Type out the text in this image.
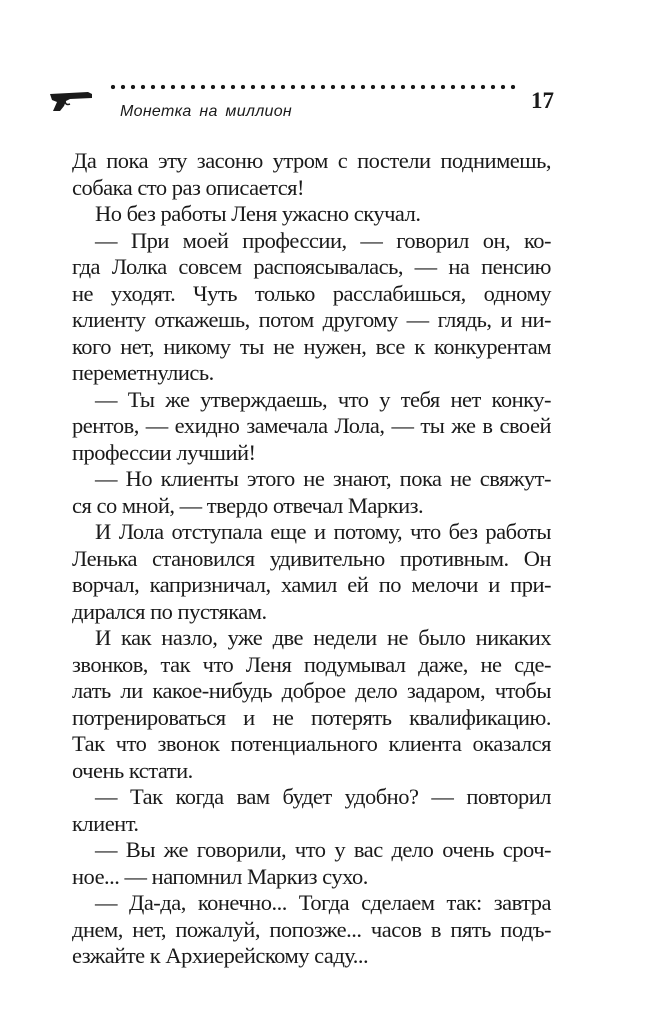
Монетка на миллион	17
Да пока эту засоню утром с постели поднимешь,
собака сто раз описается!
Но без работы Леня ужасно скучал.
— При моей профессии, — говорил он, ко-
гда Лолка совсем распоясывалась, — на пенсию
не уходят. Чуть только расслабишься, одному
клиенту откажешь, потом другому — глядь, и ни-
кого нет, никому ты не нужен, все к конкурентам
переметнулись.
— Ты же утверждаешь, что у тебя нет конку-
рентов, — ехидно замечала Лола, — ты же в своей
профессии лучший!
— Но клиенты этого не знают, пока не свяжут-
ся со мной, — твердо отвечал Маркиз.
И Лола отступала еще и потому, что без работы
Ленька становился удивительно противным. Он
ворчал, капризничал, хамил ей по мелочи и при-
дирался по пустякам.
И как назло, уже две недели не было никаких
звонков, так что Леня подумывал даже, не сде-
лать ли какое-нибудь доброе дело задаром, чтобы
потренироваться и не потерять квалификацию.
Так что звонок потенциального клиента оказался
очень кстати.
— Так когда вам будет удобно? — повторил
клиент.
— Вы же говорили, что у вас дело очень сроч-
ное... — напомнил Маркиз сухо.
— Да-да, конечно... Тогда сделаем так: завтра
днем, нет, пожалуй, попозже... часов в пять подъ-
езжайте к Архиерейскому саду...
